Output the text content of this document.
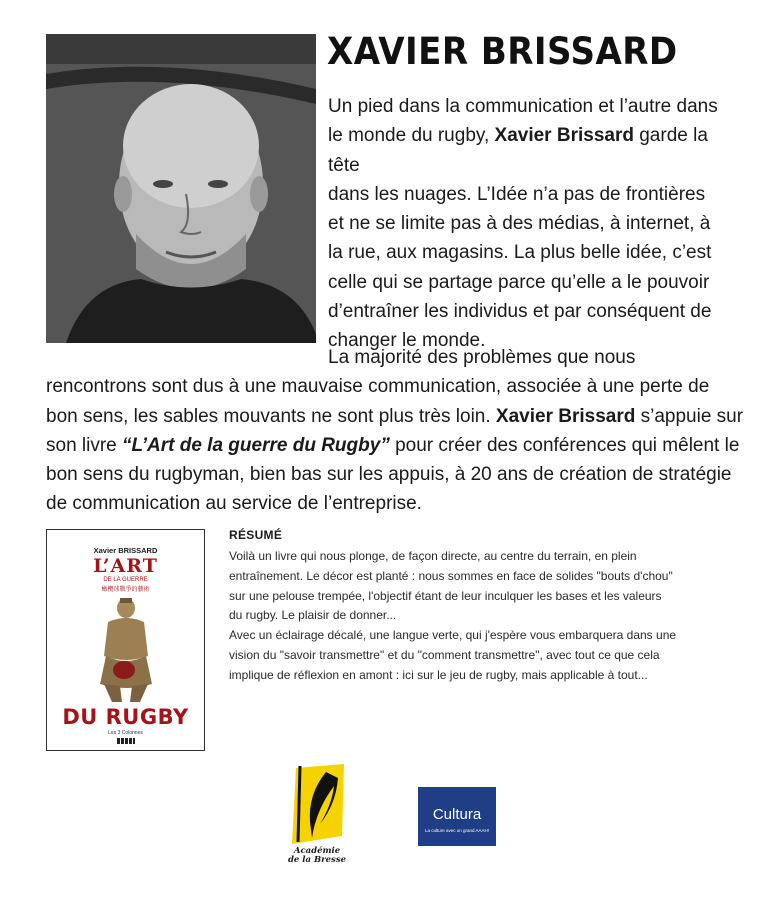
XAVIER BRISSARD

Un pied dans la communication et l’autre dans
le monde du rugby, Xavier Brissard garde la tête
dans les nuages. L’Idée n’a pas de frontières
et ne se limite pas à des médias, à internet, à
la rue, aux magasins. La plus belle idée, c’est
celle qui se partage parce qu’elle a le pouvoir
d’entraîner les individus et par conséquent de
changer le monde.

La majorité des problèmes que nous
rencontrons sont dus à une mauvaise communication, associée à une perte de
bon sens, les sables mouvants ne sont plus très loin. Xavier Brissard s’appuie sur
son livre “L’Art de la guerre du Rugby” pour créer des conférences qui mêlent le
bon sens du rugbyman, bien bas sur les appuis, à 20 ans de création de stratégie
de communication au service de l’entreprise.

Xavier BRISSARD
L’ART
DE LA GUERRE
橄欖球戰爭的藝術
DU RUGBY
Les 3 Colonnes
RÉSUMÉ

Voilà un livre qui nous plonge, de façon directe, au centre du terrain, en plein

entraînement. Le décor est planté : nous sommes en face de solides "bouts d'chou"

sur une pelouse trempée, l'objectif étant de leur inculquer les bases et les valeurs

du rugby. Le plaisir de donner...

Avec un éclairage décalé, une langue verte, qui j'espère vous embarquera dans une

vision du "savoir transmettre" et du "comment transmettre", avec tout ce que cela

implique de réflexion en amont : ici sur le jeu de rugby, mais applicable à tout...

Académie
de la Bresse
Cultura
La culture avec un grand AAAH!
